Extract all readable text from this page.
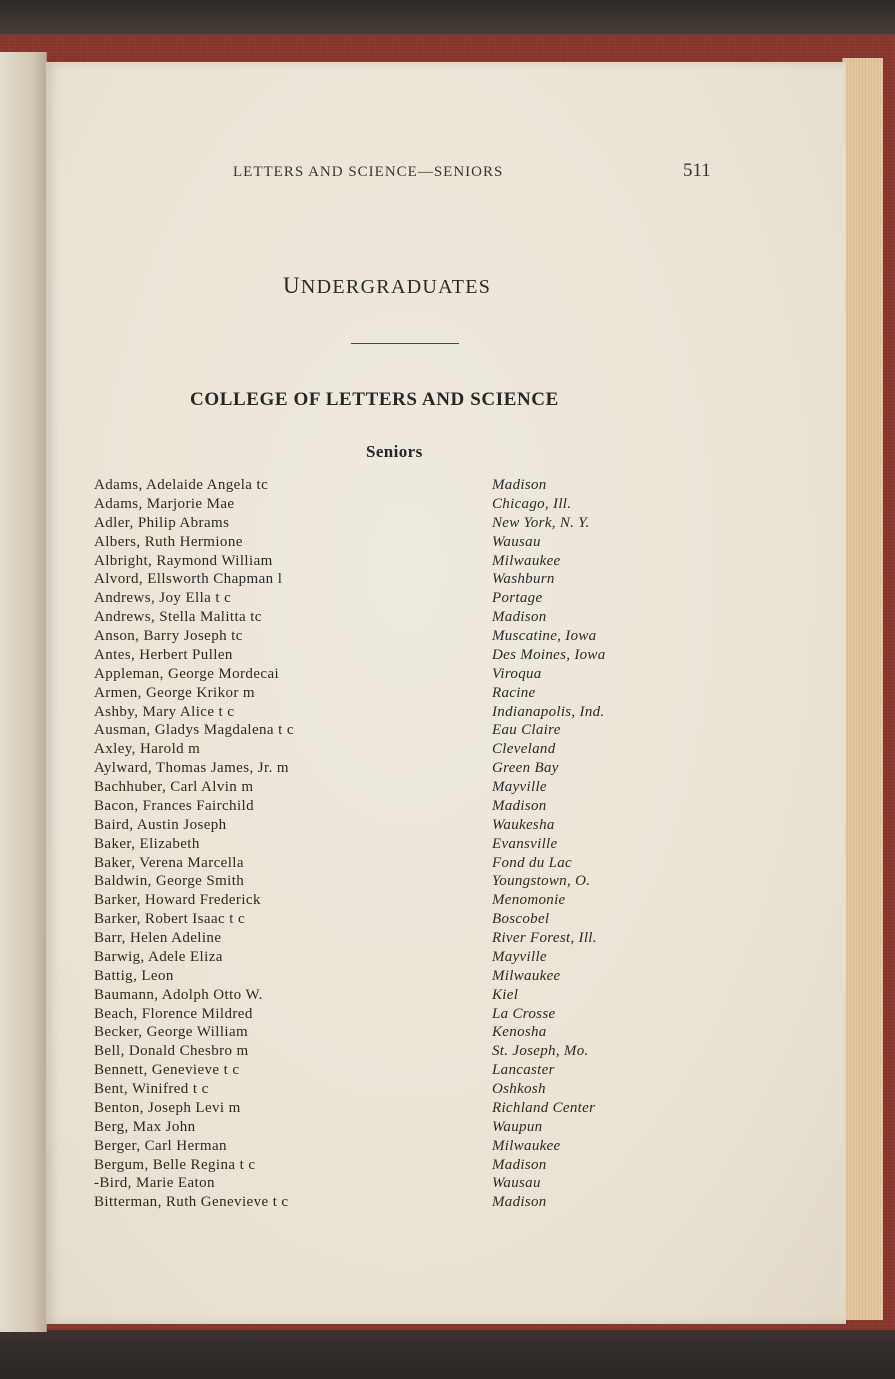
LETTERS AND SCIENCE—SENIORS	511
UNDERGRADUATES
COLLEGE OF LETTERS AND SCIENCE
Seniors
Adams, Adelaide Angela tc	Madison
Adams, Marjorie Mae	Chicago, Ill.
Adler, Philip Abrams	New York, N. Y.
Albers, Ruth Hermione	Wausau
Albright, Raymond William	Milwaukee
Alvord, Ellsworth Chapman l	Washburn
Andrews, Joy Ella t c	Portage
Andrews, Stella Malitta tc	Madison
Anson, Barry Joseph tc	Muscatine, Iowa
Antes, Herbert Pullen	Des Moines, Iowa
Appleman, George Mordecai	Viroqua
Armen, George Krikor m	Racine
Ashby, Mary Alice t c	Indianapolis, Ind.
Ausman, Gladys Magdalena t c	Eau Claire
Axley, Harold m	Cleveland
Aylward, Thomas James, Jr. m	Green Bay
Bachhuber, Carl Alvin m	Mayville
Bacon, Frances Fairchild	Madison
Baird, Austin Joseph	Waukesha
Baker, Elizabeth	Evansville
Baker, Verena Marcella	Fond du Lac
Baldwin, George Smith	Youngstown, O.
Barker, Howard Frederick	Menomonie
Barker, Robert Isaac t c	Boscobel
Barr, Helen Adeline	River Forest, Ill.
Barwig, Adele Eliza	Mayville
Battig, Leon	Milwaukee
Baumann, Adolph Otto W.	Kiel
Beach, Florence Mildred	La Crosse
Becker, George William	Kenosha
Bell, Donald Chesbro m	St. Joseph, Mo.
Bennett, Genevieve t c	Lancaster
Bent, Winifred t c	Oshkosh
Benton, Joseph Levi m	Richland Center
Berg, Max John	Waupun
Berger, Carl Herman	Milwaukee
Bergum, Belle Regina t c	Madison
-Bird, Marie Eaton	Wausau
Bitterman, Ruth Genevieve t c	Madison
